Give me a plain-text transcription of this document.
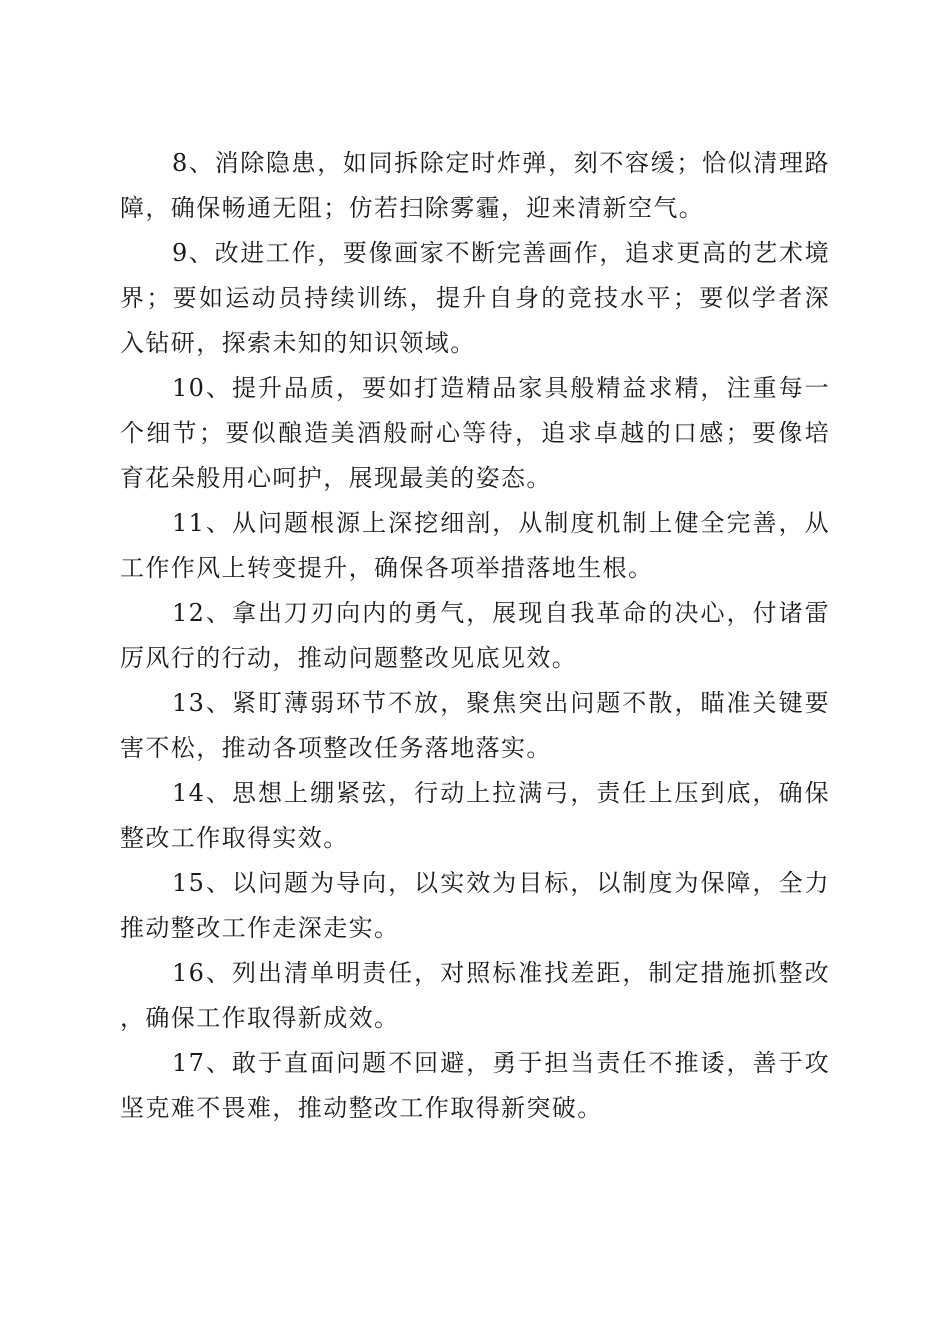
8、消除隐患，如同拆除定时炸弹，刻不容缓；恰似清理路障，确保畅通无阻；仿若扫除雾霾，迎来清新空气。

9、改进工作，要像画家不断完善画作，追求更高的艺术境界；要如运动员持续训练，提升自身的竞技水平；要似学者深入钻研，探索未知的知识领域。

10、提升品质，要如打造精品家具般精益求精，注重每一个细节；要似酿造美酒般耐心等待，追求卓越的口感；要像培育花朵般用心呵护，展现最美的姿态。

11、从问题根源上深挖细剖，从制度机制上健全完善，从工作作风上转变提升，确保各项举措落地生根。

12、拿出刀刃向内的勇气，展现自我革命的决心，付诸雷厉风行的行动，推动问题整改见底见效。

13、紧盯薄弱环节不放，聚焦突出问题不散，瞄准关键要害不松，推动各项整改任务落地落实。

14、思想上绷紧弦，行动上拉满弓，责任上压到底，确保整改工作取得实效。

15、以问题为导向，以实效为目标，以制度为保障，全力推动整改工作走深走实。

16、列出清单明责任，对照标准找差距，制定措施抓整改，确保工作取得新成效。

17、敢于直面问题不回避，勇于担当责任不推诿，善于攻坚克难不畏难，推动整改工作取得新突破。
